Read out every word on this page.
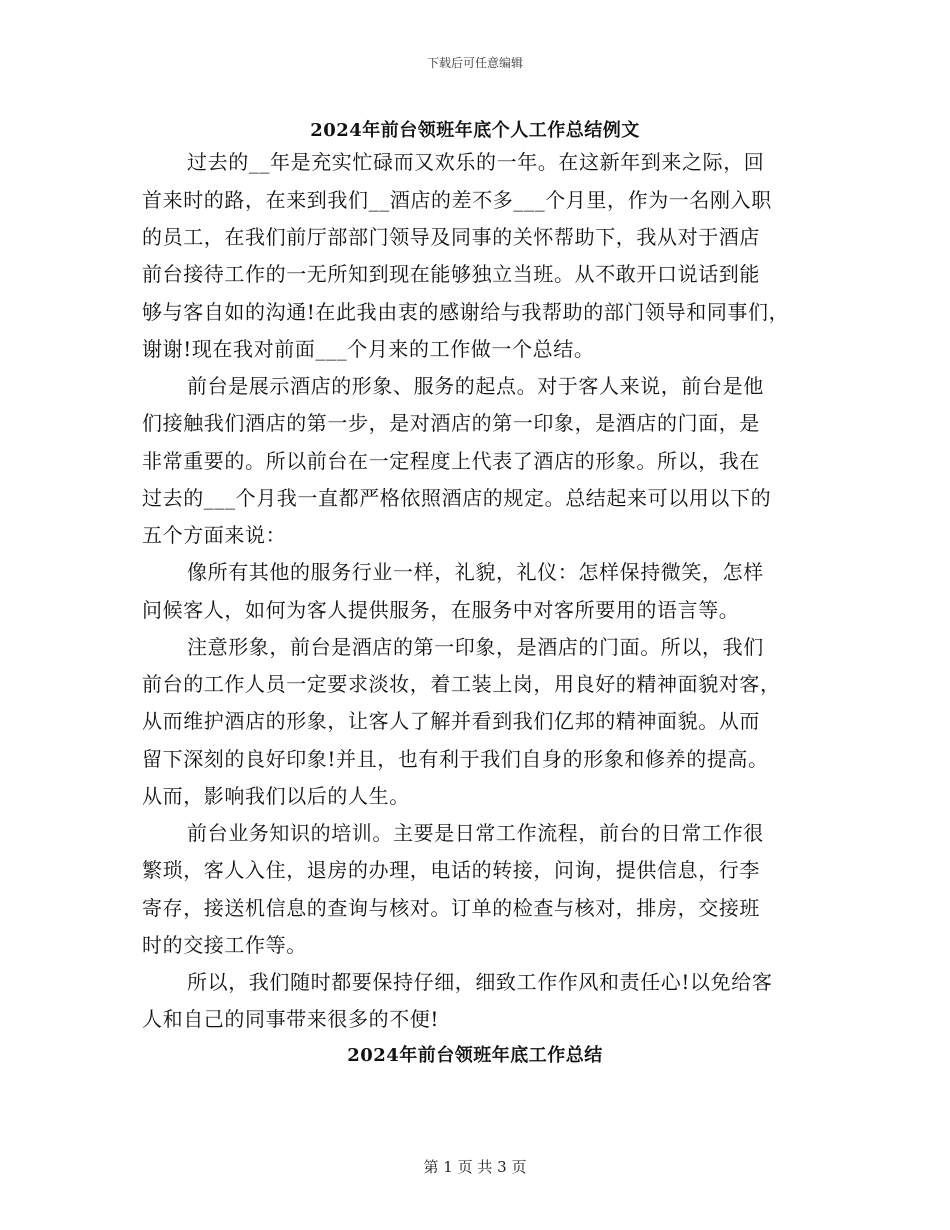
下载后可任意编辑
2024年前台领班年底个人工作总结例文
过去的__年是充实忙碌而又欢乐的一年。在这新年到来之际，回
首来时的路，在来到我们__酒店的差不多___个月里，作为一名刚入职
的员工，在我们前厅部部门领导及同事的关怀帮助下，我从对于酒店
前台接待工作的一无所知到现在能够独立当班。从不敢开口说话到能
够与客自如的沟通!在此我由衷的感谢给与我帮助的部门领导和同事们，
谢谢!现在我对前面___个月来的工作做一个总结。
前台是展示酒店的形象、服务的起点。对于客人来说，前台是他
们接触我们酒店的第一步，是对酒店的第一印象，是酒店的门面，是
非常重要的。所以前台在一定程度上代表了酒店的形象。所以，我在
过去的___个月我一直都严格依照酒店的规定。总结起来可以用以下的
五个方面来说：
像所有其他的服务行业一样，礼貌，礼仪：怎样保持微笑，怎样
问候客人，如何为客人提供服务，在服务中对客所要用的语言等。
注意形象，前台是酒店的第一印象，是酒店的门面。所以，我们
前台的工作人员一定要求淡妆，着工装上岗，用良好的精神面貌对客，
从而维护酒店的形象，让客人了解并看到我们亿邦的精神面貌。从而
留下深刻的良好印象!并且，也有利于我们自身的形象和修养的提高。
从而，影响我们以后的人生。
前台业务知识的培训。主要是日常工作流程，前台的日常工作很
繁琐，客人入住，退房的办理，电话的转接，问询，提供信息，行李
寄存，接送机信息的查询与核对。订单的检查与核对，排房，交接班
时的交接工作等。
所以，我们随时都要保持仔细，细致工作作风和责任心!以免给客
人和自己的同事带来很多的不便!
2024年前台领班年底工作总结
第 1 页 共 3 页
